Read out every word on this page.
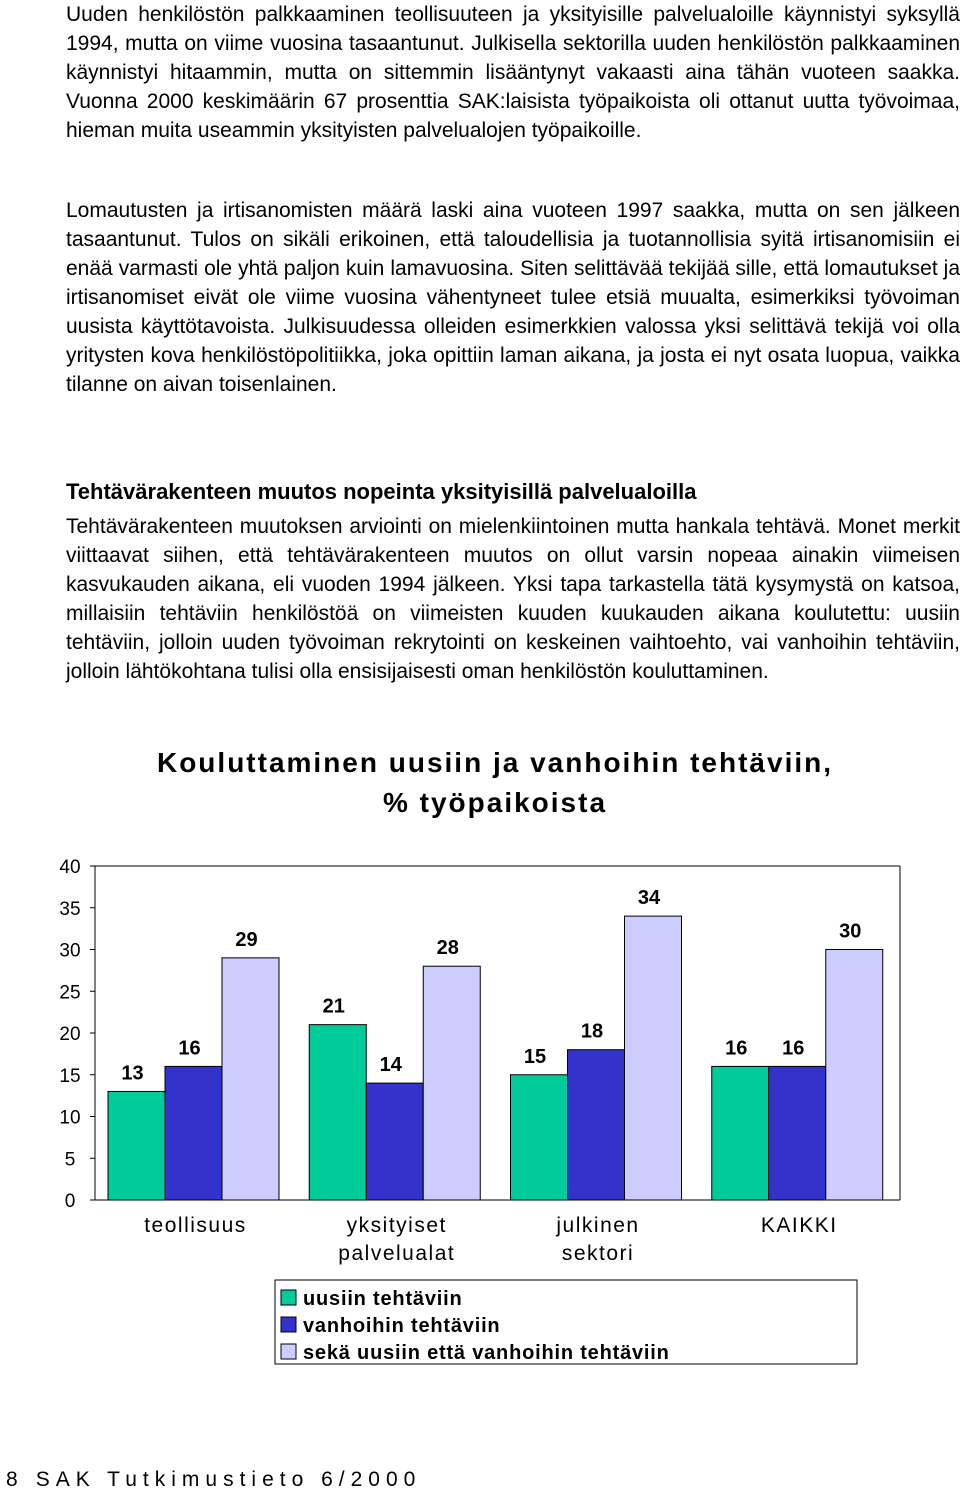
Uuden henkilöstön palkkaaminen teollisuuteen ja yksityisille palvelualoille käynnistyi syksyllä 1994, mutta on viime vuosina tasaantunut. Julkisella sektorilla uuden henkilöstön palkkaaminen käynnistyi hitaammin, mutta on sittemmin lisääntynyt vakaasti aina tähän vuoteen saakka. Vuonna 2000 keskimäärin 67 prosenttia SAK:laisista työpaikoista oli ottanut uutta työvoimaa, hieman muita useammin yksityisten palvelualojen työpaikoille.

Lomautusten ja irtisanomisten määrä laski aina vuoteen 1997 saakka, mutta on sen jälkeen tasaantunut. Tulos on sikäli erikoinen, että taloudellisia ja tuotannollisia syitä irtisanomisiin ei enää varmasti ole yhtä paljon kuin lamavuosina. Siten selittävää tekijää sille, että lomautukset ja irtisanomiset eivät ole viime vuosina vähentyneet tulee etsiä muualta, esimerkiksi työvoiman uusista käyttötavoista. Julkisuudessa olleiden esimerkkien valossa yksi selittävä tekijä voi olla yritysten kova henkilöstöpolitiikka, joka opittiin laman aikana, ja josta ei nyt osata luopua, vaikka tilanne on aivan toisenlainen.

Tehtävärakenteen muutos nopeinta yksityisillä palvelualoilla

Tehtävärakenteen muutoksen arviointi on mielenkiintoinen mutta hankala tehtävä. Monet merkit viittaavat siihen, että tehtävärakenteen muutos on ollut varsin nopeaa ainakin viimeisen kasvukauden aikana, eli vuoden 1994 jälkeen. Yksi tapa tarkastella tätä kysymystä on katsoa, millaisiin tehtäviin henkilöstöä on viimeisten kuuden kuukauden aikana koulutettu: uusiin tehtäviin, jolloin uuden työvoiman rekrytointi on keskeinen vaihtoehto, vai vanhoihin tehtäviin, jolloin lähtökohtana tulisi olla ensisijaisesti oman henkilöstön kouluttaminen.

Kouluttaminen uusiin ja vanhoihin tehtäviin,
% työpaikoista
0
5
10
15
20
25
30
35
40
13
16
29
teollisuus
21
14
28
yksityiset
palvelualat
15
18
34
julkinen
sektori
16 16
30
KAIKKI
uusiin tehtäviin
vanhoihin tehtäviin
sekä uusiin että vanhoihin tehtäviin
8 SAK Tutkimustieto 6/2000
